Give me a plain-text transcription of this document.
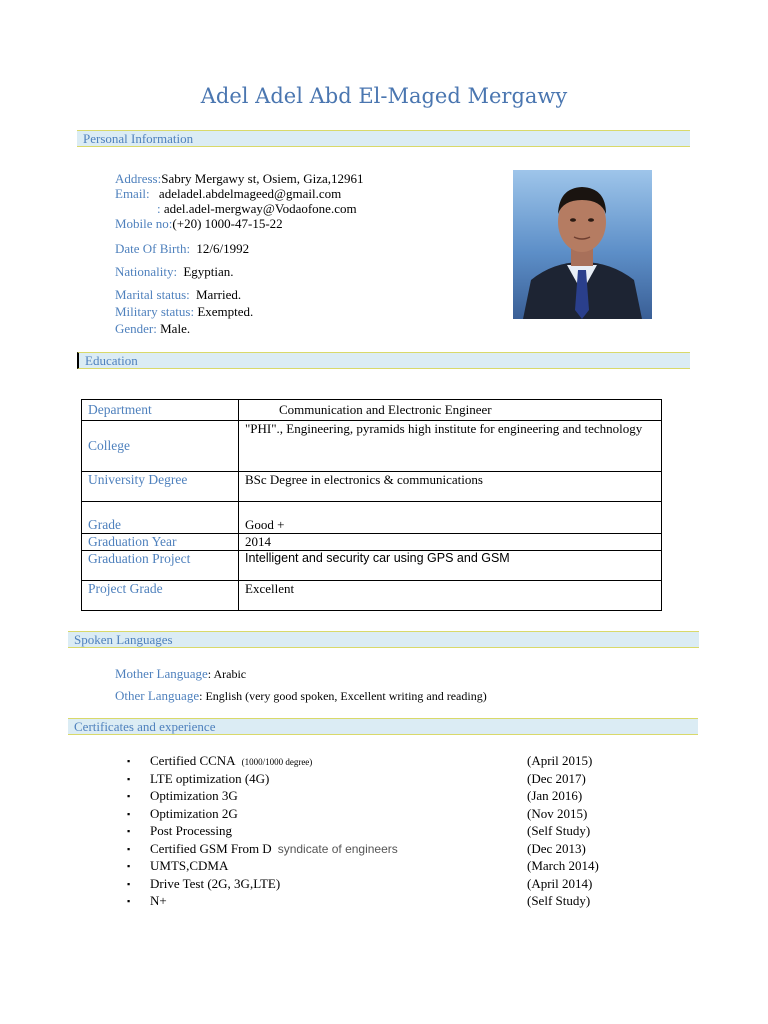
Adel Adel Abd El-Maged Mergawy
Personal Information
Address:Sabry Mergawy st, Osiem, Giza,12961
Email: adeladel.abdelmageed@gmail.com
: adel.adel-mergway@Vodaofone.com
Mobile no:(+20) 1000-47-15-22
Date Of Birth: 12/6/1992
Nationality: Egyptian.
Marital status: Married.
Military status: Exempted.
Gender: Male.
Education
Department	Communication and Electronic Engineer
College	"PHI"., Engineering, pyramids high institute for engineering and technology
University Degree	BSc Degree in electronics & communications
Grade	Good +
Graduation Year	2014
Graduation Project	Intelligent and security car using GPS and GSM
Project Grade	Excellent
Spoken Languages
Mother Language: Arabic
Other Language: English (very good spoken, Excellent writing and reading)
Certificates and experience
▪ Certified CCNA (1000/1000 degree)	(April 2015)
▪ LTE optimization (4G)	(Dec 2017)
▪ Optimization 3G	(Jan 2016)
▪ Optimization 2G	(Nov 2015)
▪ Post Processing	(Self Study)
▪ Certified GSM From D syndicate of engineers	(Dec 2013)
▪ UMTS,CDMA	(March 2014)
▪ Drive Test (2G, 3G,LTE)	(April 2014)
▪ N+	(Self Study)
